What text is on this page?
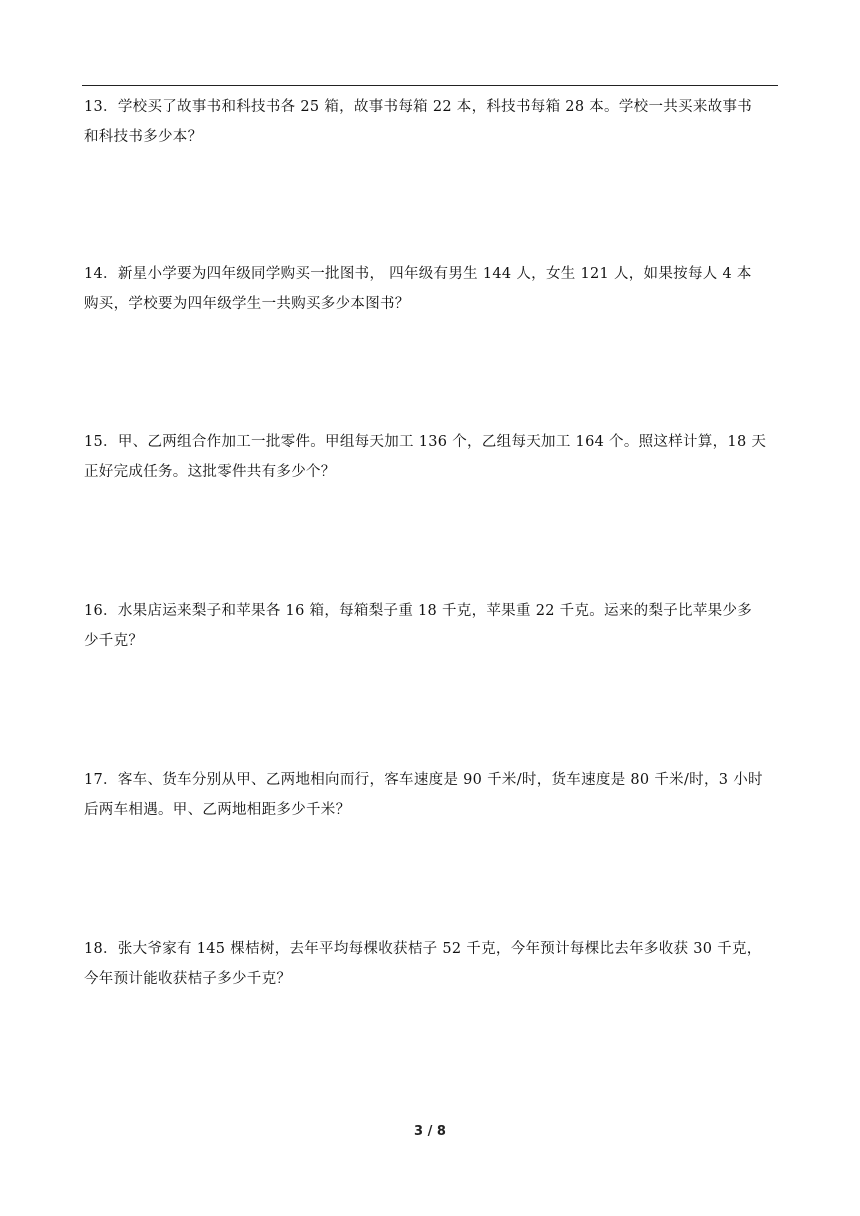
13．学校买了故事书和科技书各 25 箱，故事书每箱 22 本，科技书每箱 28 本。学校一共买来故事书
和科技书多少本？
14．新星小学要为四年级同学购买一批图书， 四年级有男生 144 人，女生 121 人，如果按每人 4 本
购买，学校要为四年级学生一共购买多少本图书？
15．甲、乙两组合作加工一批零件。甲组每天加工 136 个，乙组每天加工 164 个。照这样计算，18 天
正好完成任务。这批零件共有多少个？
16．水果店运来梨子和苹果各 16 箱，每箱梨子重 18 千克，苹果重 22 千克。运来的梨子比苹果少多
少千克？
17．客车、货车分别从甲、乙两地相向而行，客车速度是 90 千米/时，货车速度是 80 千米/时，3 小时
后两车相遇。甲、乙两地相距多少千米？
18．张大爷家有 145 棵桔树，去年平均每棵收获桔子 52 千克，今年预计每棵比去年多收获 30 千克，
今年预计能收获桔子多少千克？
3 / 8
